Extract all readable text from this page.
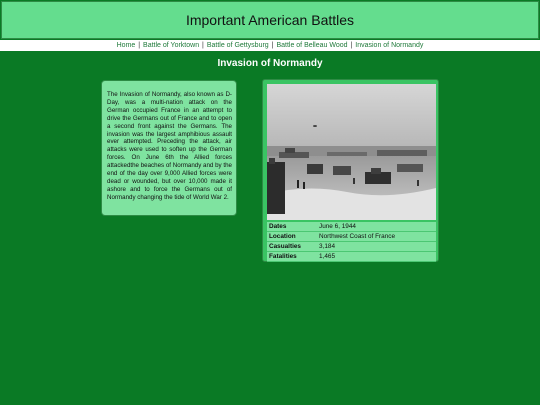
Important American Battles
Home | Battle of Yorktown | Battle of Gettysburg | Battle of Belleau Wood | Invasion of Normandy
Invasion of Normandy

The Invasion of Normandy, also known as D-Day, was a multi-nation attack on the German occupied France in an attempt to drive the Germans out of France and to open a second front against the Germans. The invasion was the largest amphibious assault ever attempted. Preceding the attack, air attacks were used to soften up the German forces. On June 6th the Allied forces attackedthe beaches of Normandy and by the end of the day over 9,000 Allied forces were dead or wounded, but over 10,000 made it ashore and to force the Germans out of Normandy changing the tide of World War 2.

Dates	June 6, 1944
Location	Northwest Coast of France
Casualties	3,184
Fatalities	1,465
